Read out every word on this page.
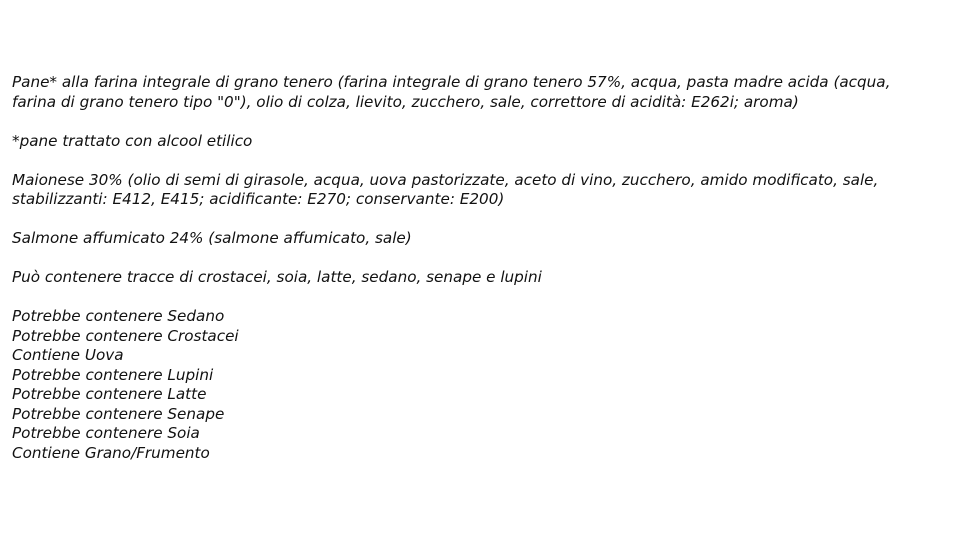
Pane* alla farina integrale di grano tenero (farina integrale di grano tenero 57%, acqua, pasta madre acida (acqua,

farina di grano tenero tipo "0"), olio di colza, lievito, zucchero, sale, correttore di acidità: E262i; aroma)

*pane trattato con alcool etilico

Maionese 30% (olio di semi di girasole, acqua, uova pastorizzate, aceto di vino, zucchero, amido modificato, sale,

stabilizzanti: E412, E415; acidificante: E270; conservante: E200)

Salmone affumicato 24% (salmone affumicato, sale)

Può contenere tracce di crostacei, soia, latte, sedano, senape e lupini

Potrebbe contenere Sedano

Potrebbe contenere Crostacei

Contiene Uova

Potrebbe contenere Lupini

Potrebbe contenere Latte

Potrebbe contenere Senape

Potrebbe contenere Soia

Contiene Grano/Frumento
